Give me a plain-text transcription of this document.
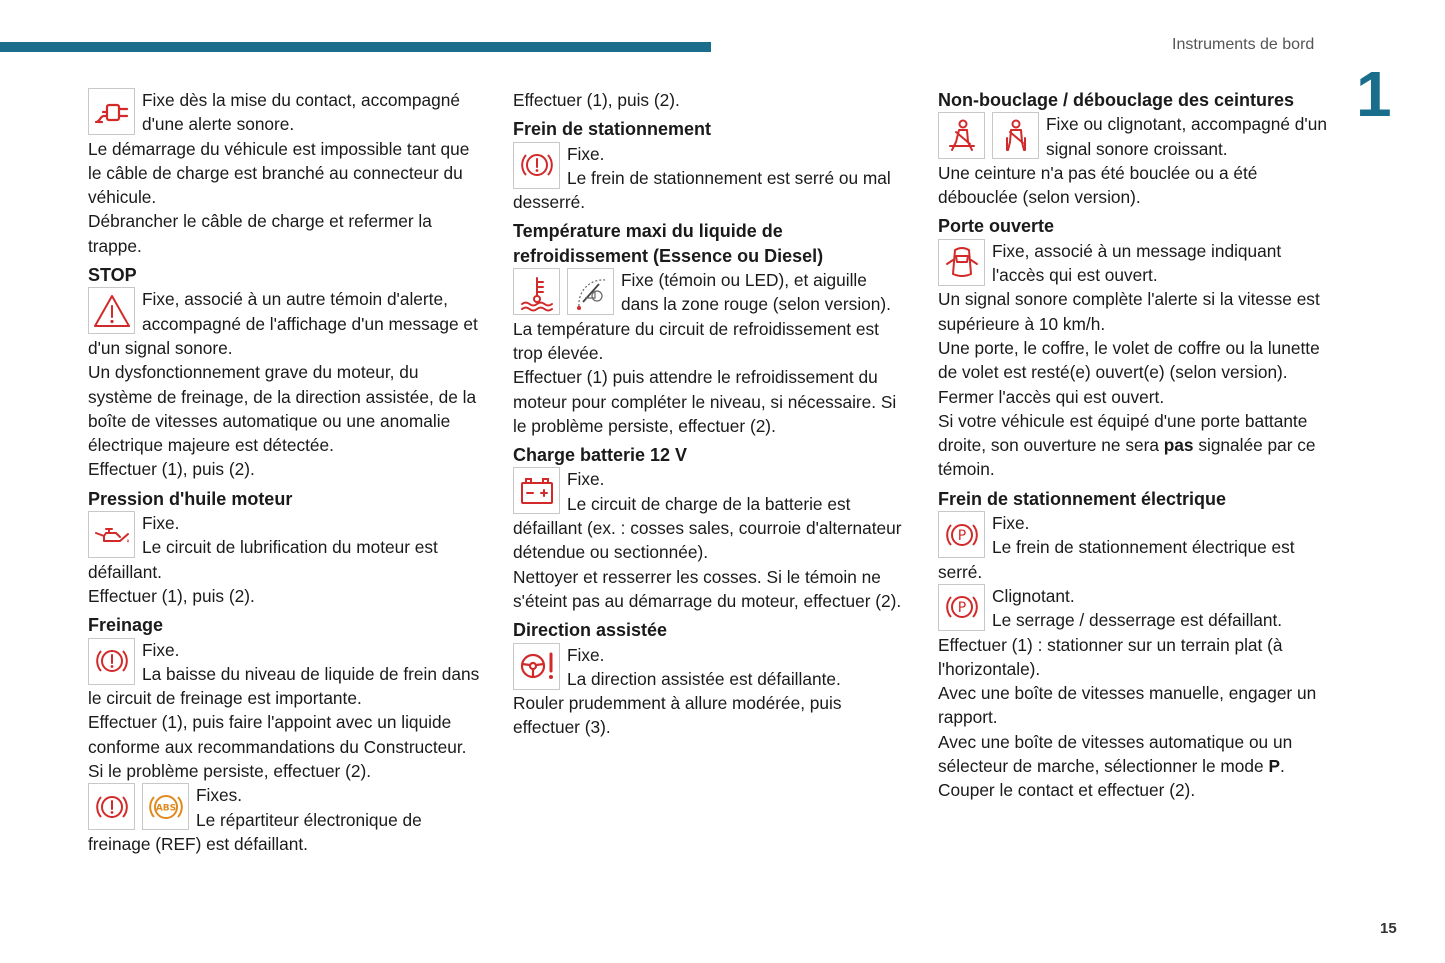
Instruments de bord
1
15

Fixe dès la mise du contact, accompagné d'une alerte sonore.

Le démarrage du véhicule est impossible tant que le câble de charge est branché au connecteur du véhicule.

Débrancher le câble de charge et refermer la trappe.

STOP

Fixe, associé à un autre témoin d'alerte, accompagné de l'affichage d'un message et d'un signal sonore.

Un dysfonctionnement grave du moteur, du système de freinage, de la direction assistée, de la boîte de vitesses automatique ou une anomalie électrique majeure est détectée.

Effectuer (1), puis (2).

Pression d'huile moteur

Fixe.

Le circuit de lubrification du moteur est défaillant.

Effectuer (1), puis (2).

Freinage

Fixe.

La baisse du niveau de liquide de frein dans le circuit de freinage est importante.

Effectuer (1), puis faire l'appoint avec un liquide conforme aux recommandations du Constructeur. Si le problème persiste, effectuer (2).

ABS

Fixes.

Le répartiteur électronique de freinage (REF) est défaillant.

Effectuer (1), puis (2).

Frein de stationnement

Fixe.

Le frein de stationnement est serré ou mal desserré.

Température maxi du liquide de refroidissement (Essence ou Diesel)

Fixe (témoin ou LED), et aiguille dans la zone rouge (selon version).

La température du circuit de refroidissement est trop élevée.

Effectuer (1) puis attendre le refroidissement du moteur pour compléter le niveau, si nécessaire. Si le problème persiste, effectuer (2).

Charge batterie 12 V

Fixe.

Le circuit de charge de la batterie est défaillant (ex. : cosses sales, courroie d'alternateur détendue ou sectionnée).

Nettoyer et resserrer les cosses. Si le témoin ne s'éteint pas au démarrage du moteur, effectuer (2).

Direction assistée

Fixe.

La direction assistée est défaillante.

Rouler prudemment à allure modérée, puis effectuer (3).

Non-bouclage / débouclage des ceintures

Fixe ou clignotant, accompagné d'un signal sonore croissant.

Une ceinture n'a pas été bouclée ou a été débouclée (selon version).

Porte ouverte

Fixe, associé à un message indiquant l'accès qui est ouvert.

Un signal sonore complète l'alerte si la vitesse est supérieure à 10 km/h.

Une porte, le coffre, le volet de coffre ou la lunette de volet est resté(e) ouvert(e) (selon version).

Fermer l'accès qui est ouvert.

Si votre véhicule est équipé d'une porte battante droite, son ouverture ne sera pas signalée par ce témoin.

Frein de stationnement électrique
P

Fixe.

Le frein de stationnement électrique est serré.

P

Clignotant.

Le serrage / desserrage est défaillant.

Effectuer (1) : stationner sur un terrain plat (à l'horizontale).

Avec une boîte de vitesses manuelle, engager un rapport.

Avec une boîte de vitesses automatique ou un sélecteur de marche, sélectionner le mode P.

Couper le contact et effectuer (2).
